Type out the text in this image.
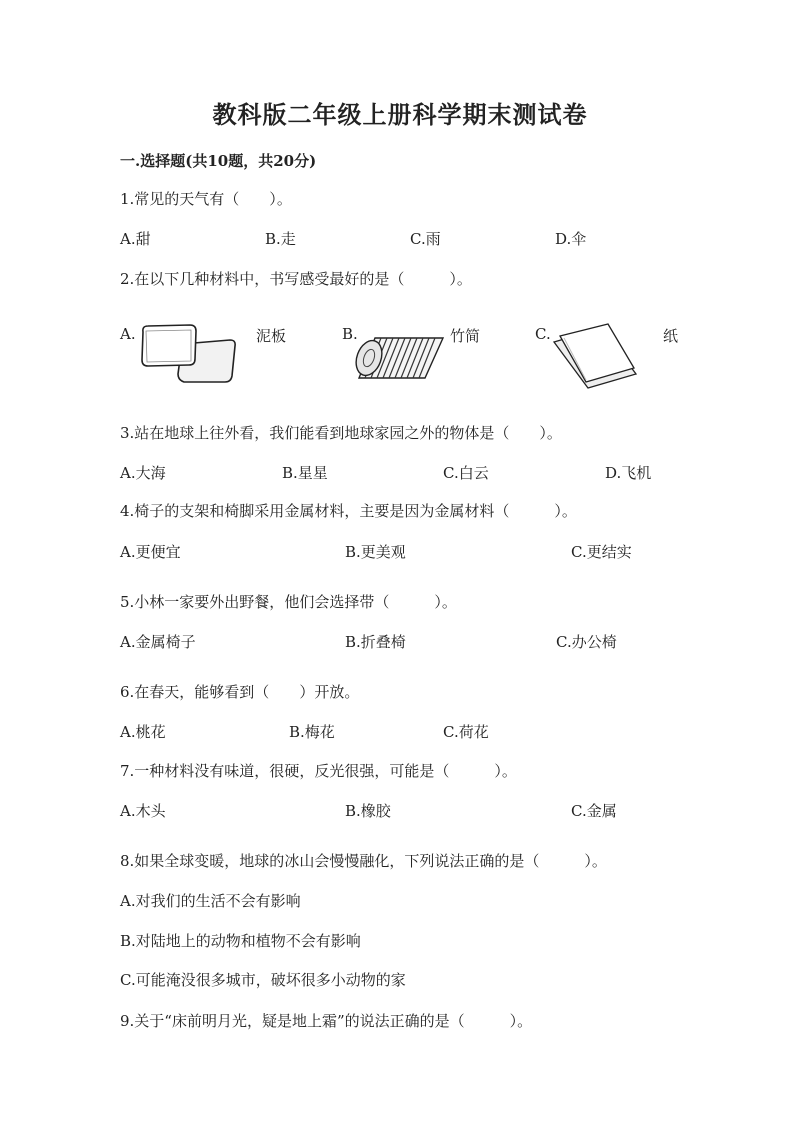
教科版二年级上册科学期末测试卷
一.选择题(共10题，共20分)
1.常见的天气有（　　）。
A.甜	B.走	C.雨	D.伞
2.在以下几种材料中，书写感受最好的是（　　　）。
A.	泥板	B.	竹简	C.	纸
3.站在地球上往外看，我们能看到地球家园之外的物体是（　　）。
A.大海	B.星星	C.白云	D.飞机
4.椅子的支架和椅脚采用金属材料，主要是因为金属材料（　　　）。
A.更便宜	B.更美观	C.更结实
5.小林一家要外出野餐，他们会选择带（　　　）。
A.金属椅子	B.折叠椅	C.办公椅
6.在春天，能够看到（　　）开放。
A.桃花	B.梅花	C.荷花
7.一种材料没有味道，很硬，反光很强，可能是（　　　）。
A.木头	B.橡胶	C.金属
8.如果全球变暖，地球的冰山会慢慢融化，下列说法正确的是（　　　）。
A.对我们的生活不会有影响
B.对陆地上的动物和植物不会有影响
C.可能淹没很多城市，破坏很多小动物的家
9.关于“床前明月光，疑是地上霜”的说法正确的是（　　　）。
